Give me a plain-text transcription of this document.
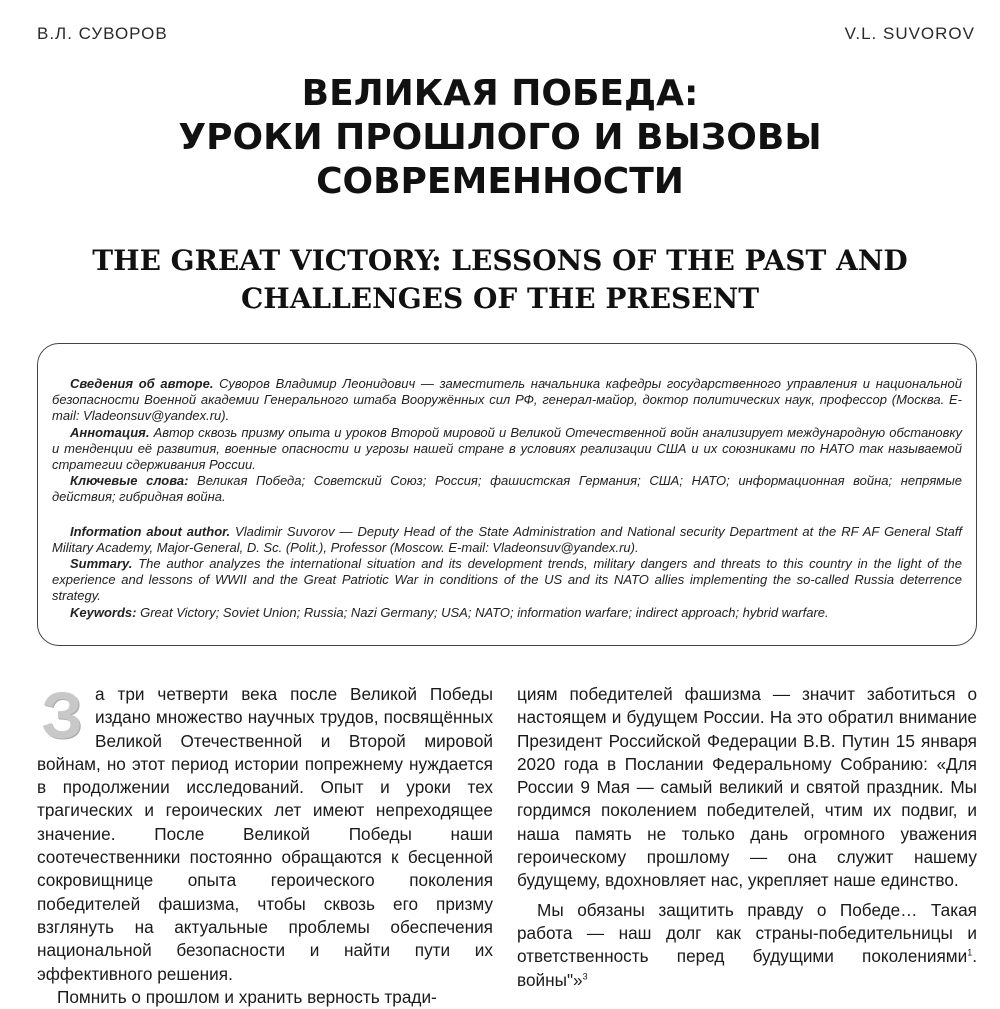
В.Л. СУВОРОВ	V.L. SUVOROV
ВЕЛИКАЯ ПОБЕДА:
УРОКИ ПРОШЛОГО И ВЫЗОВЫ
СОВРЕМЕННОСТИ
THE GREAT VICTORY: LESSONS OF THE PAST AND
CHALLENGES OF THE PRESENT

Сведения об авторе. Суворов Владимир Леонидович — заместитель начальника кафедры государственного управления и национальной безопасности Военной академии Генерального штаба Вооружённых сил РФ, генерал-майор, доктор политических наук, профессор (Москва. E-mail: Vladeonsuv@yandex.ru).

Аннотация. Автор сквозь призму опыта и уроков Второй мировой и Великой Отечественной войн анализирует международную обстановку и тенденции её развития, военные опасности и угрозы нашей стране в условиях реализации США и их союзниками по НАТО так называемой стратегии сдерживания России.

Ключевые слова: Великая Победа; Советский Союз; Россия; фашистская Германия; США; НАТО; информационная война; непрямые действия; гибридная война.

Information about author. Vladimir Suvorov — Deputy Head of the State Administration and National security Department at the RF AF General Staff Military Academy, Major-General, D. Sc. (Polit.), Professor (Moscow. E-mail: Vladeonsuv@yandex.ru).

Summary. The author analyzes the international situation and its development trends, military dangers and threats to this country in the light of the experience and lessons of WWII and the Great Patriotic War in conditions of the US and its NATO allies implementing the so-called Russia deterrence strategy.

Keywords: Great Victory; Soviet Union; Russia; Nazi Germany; USA; NATO; information warfare; indirect approach; hybrid warfare.

За три четверти века после Великой Победы издано множество научных трудов, посвящённых Великой Отечественной и Второй мировой войнам, но этот период истории попрежнему нуждается в продолжении исследований. Опыт и уроки тех трагических и героических лет имеют непреходящее значение. После Великой Победы наши соотечественники постоянно обращаются к бесценной сокровищнице опыта героического поколения победителей фашизма, чтобы сквозь его призму взглянуть на актуальные проблемы обеспечения национальной безопасности и найти пути их эффективного решения.

Помнить о прошлом и хранить верность тради-

циям победителей фашизма — значит заботиться о настоящем и будущем России. На это обратил внимание Президент Российской Федерации В.В. Путин 15 января 2020 года в Послании Федеральному Собранию: «Для России 9 Мая — самый великий и святой праздник. Мы гордимся поколением победителей, чтим их подвиг, и наша память не только дань огромного уважения героическому прошлому — она служит нашему будущему, вдохновляет нас, укрепляет наше единство.

Мы обязаны защитить правду о Победе… Такая работа — наш долг как страны-победительницы и ответственность перед будущими поколениями$^1$. войны"»$^3$
